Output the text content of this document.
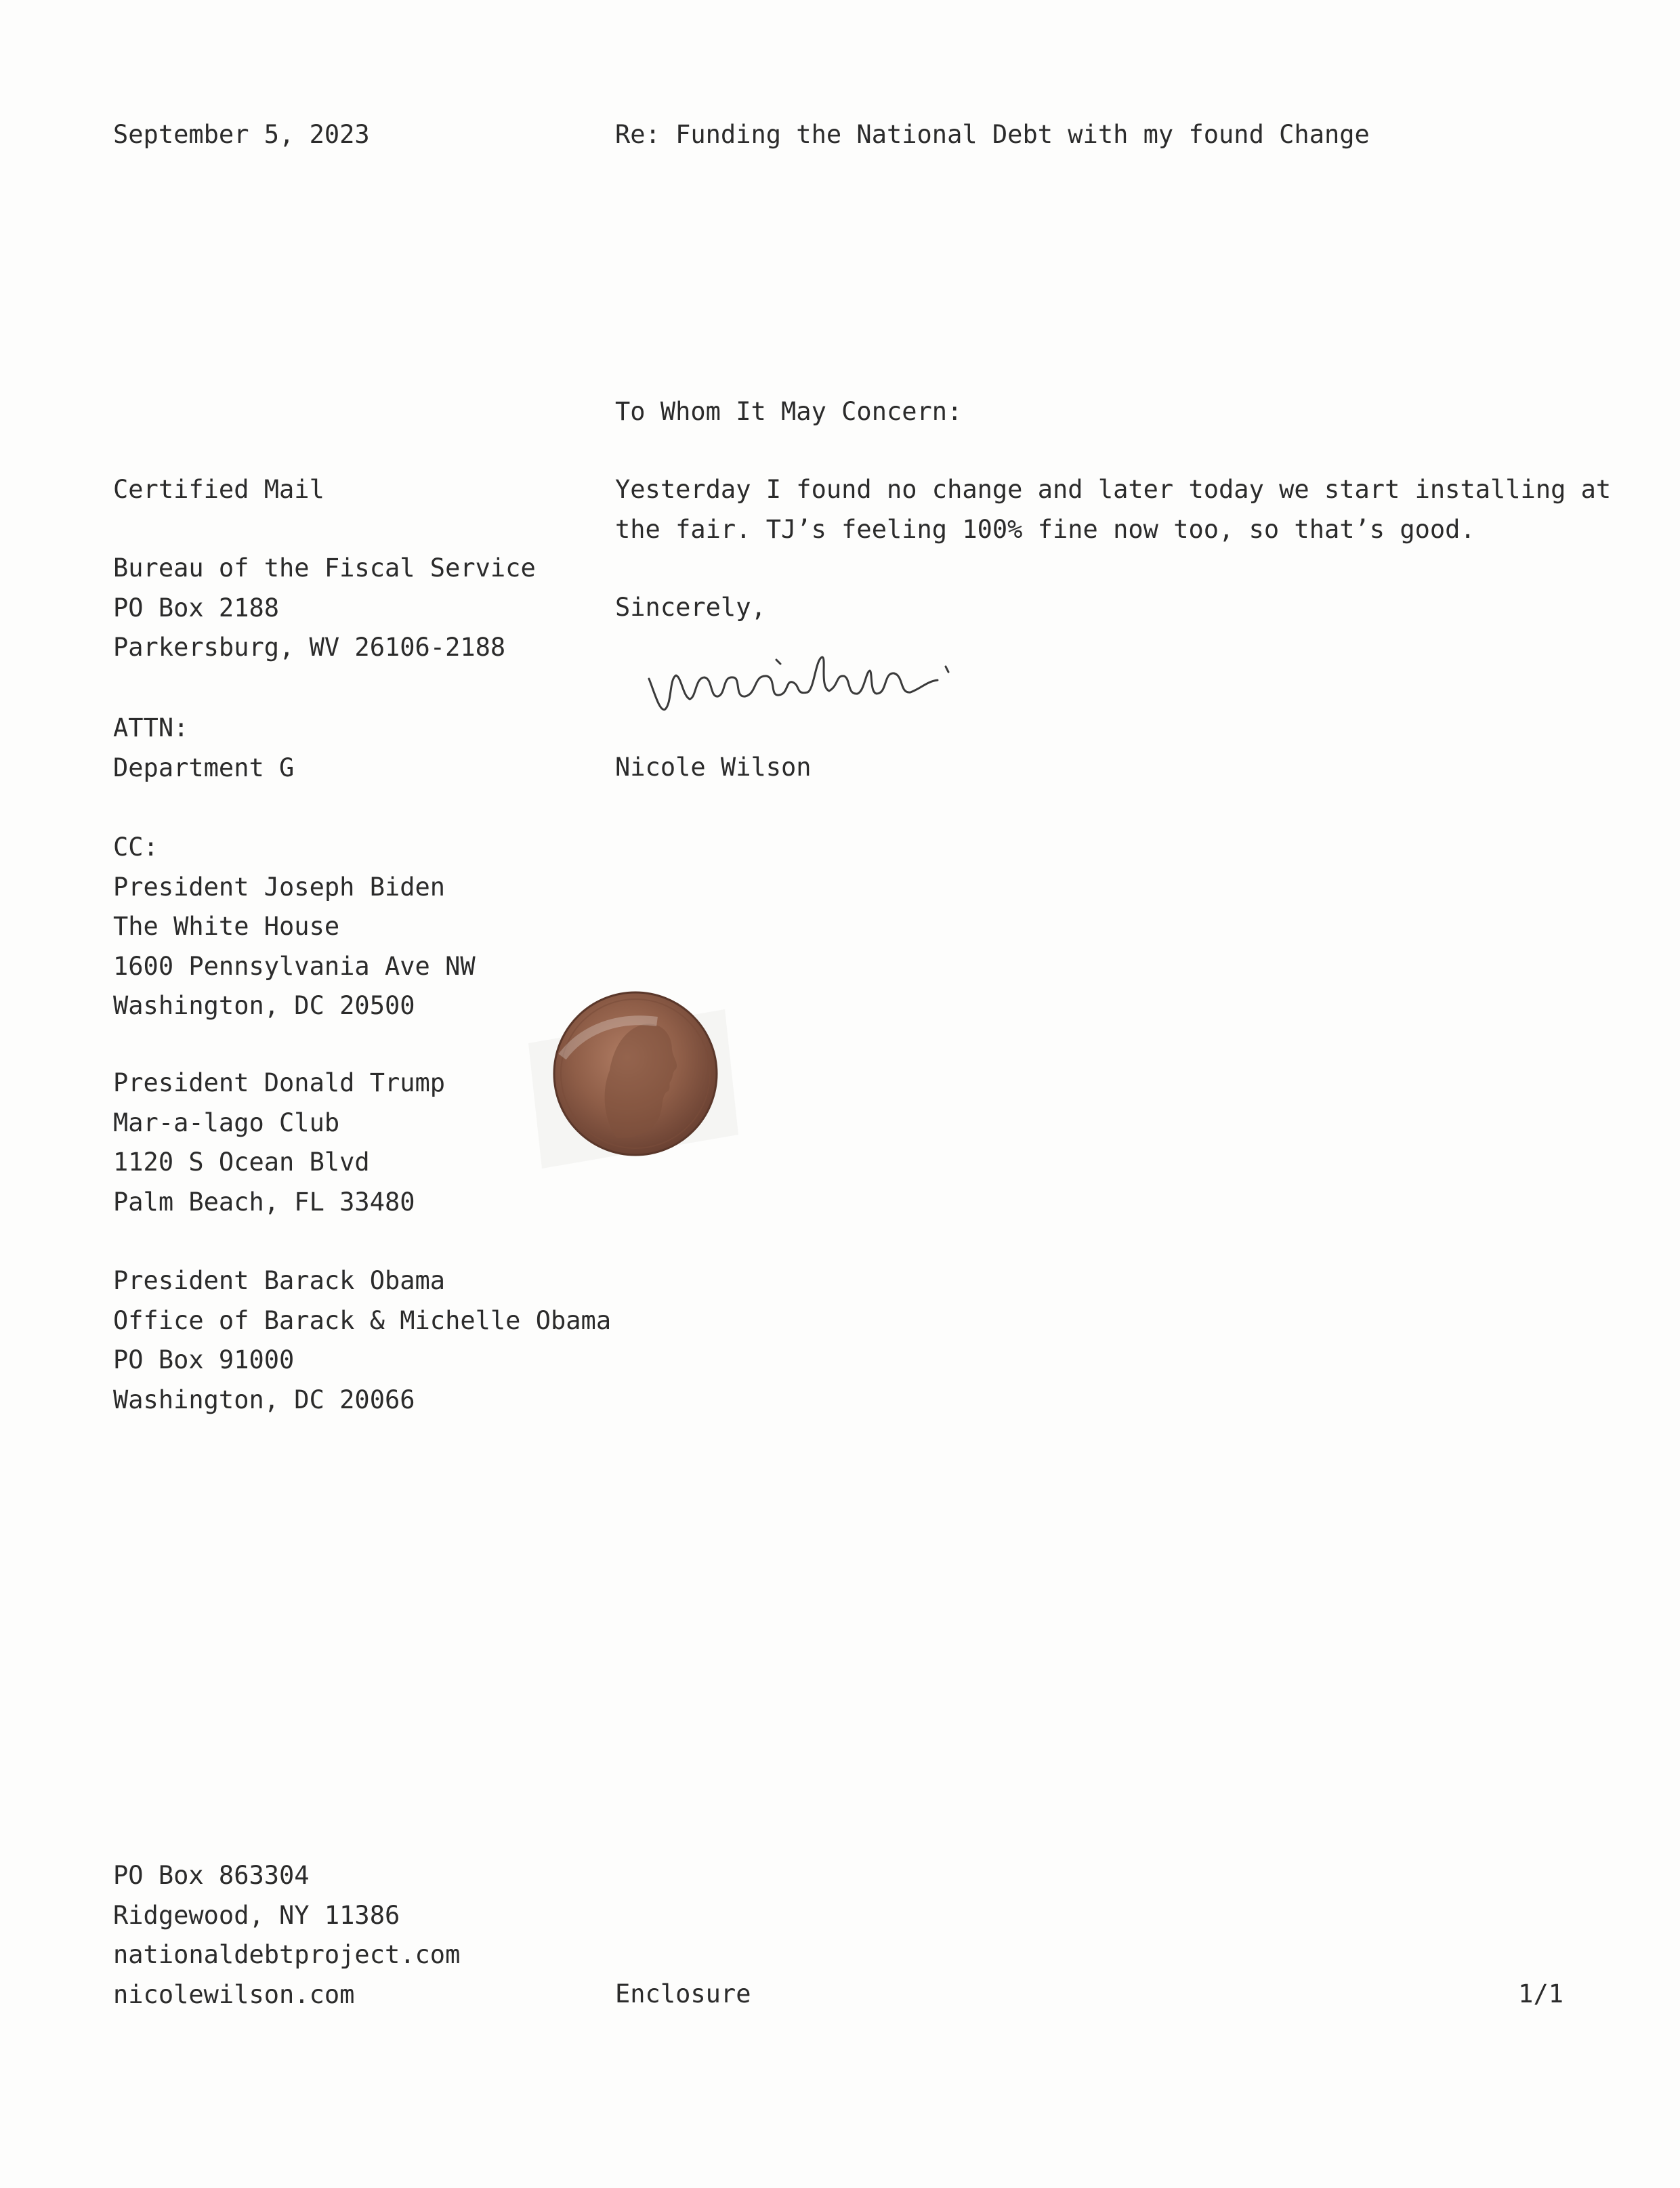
September 5, 2023	Re: Funding the National Debt with my found Change
To Whom It May Concern:
Yesterday I found no change and later today we start installing at
the fair. TJ’s feeling 100% fine now too, so that’s good.
Sincerely,
Nicole Wilson
Certified Mail
Bureau of the Fiscal Service
PO Box 2188
Parkersburg, WV 26106-2188
ATTN:
Department G
CC:
President Joseph Biden
The White House
1600 Pennsylvania Ave NW
Washington, DC 20500
President Donald Trump
Mar-a-lago Club
1120 S Ocean Blvd
Palm Beach, FL 33480
President Barack Obama
Office of Barack & Michelle Obama
PO Box 91000
Washington, DC 20066
PO Box 863304
Ridgewood, NY 11386
nationaldebtproject.com
nicolewilson.com	Enclosure	1/1
